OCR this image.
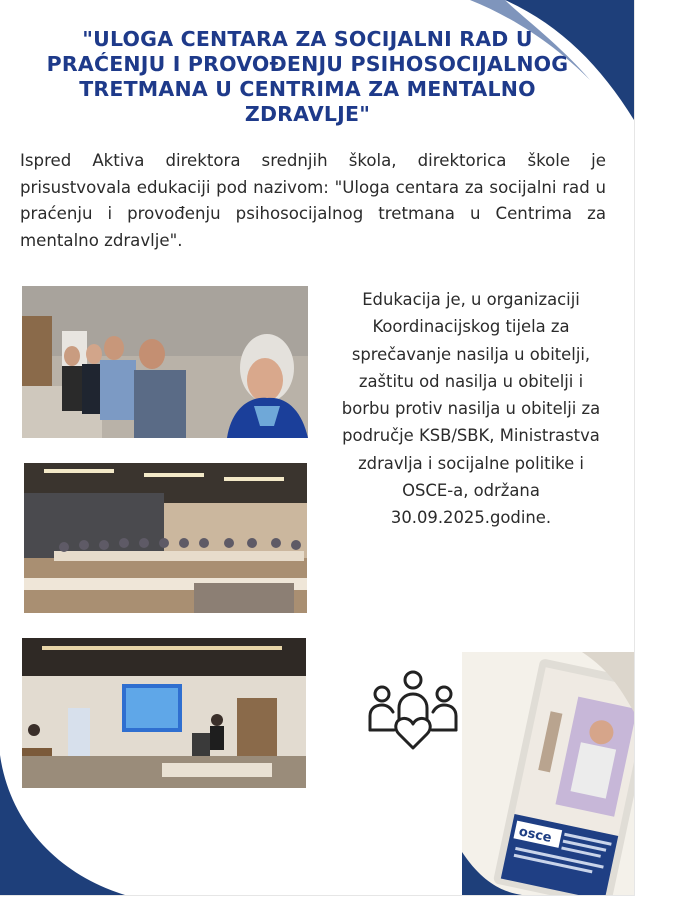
"ULOGA CENTARA ZA SOCIJALNI RAD U PRAĆENJU I PROVOĐENJU PSIHOSOCIJALNOG TRETMANA U CENTRIMA ZA MENTALNO ZDRAVLJE"

Ispred Aktiva direktora srednjih škola, direktorica škole je prisustvovala edukaciji pod nazivom: "Uloga centara za socijalni rad u praćenju i provođenju psihosocijalnog tretmana u Centrima za mentalno zdravlje".

Edukacija je, u organizaciji Koordinacijskog tijela za sprečavanje nasilja u obitelji, zaštitu od nasilja u obitelji i borbu protiv nasilja u obitelji za područje KSB/SBK, Ministrastva zdravlja i socijalne politike i OSCE-a, održana 30.09.2025.godine.

osce
